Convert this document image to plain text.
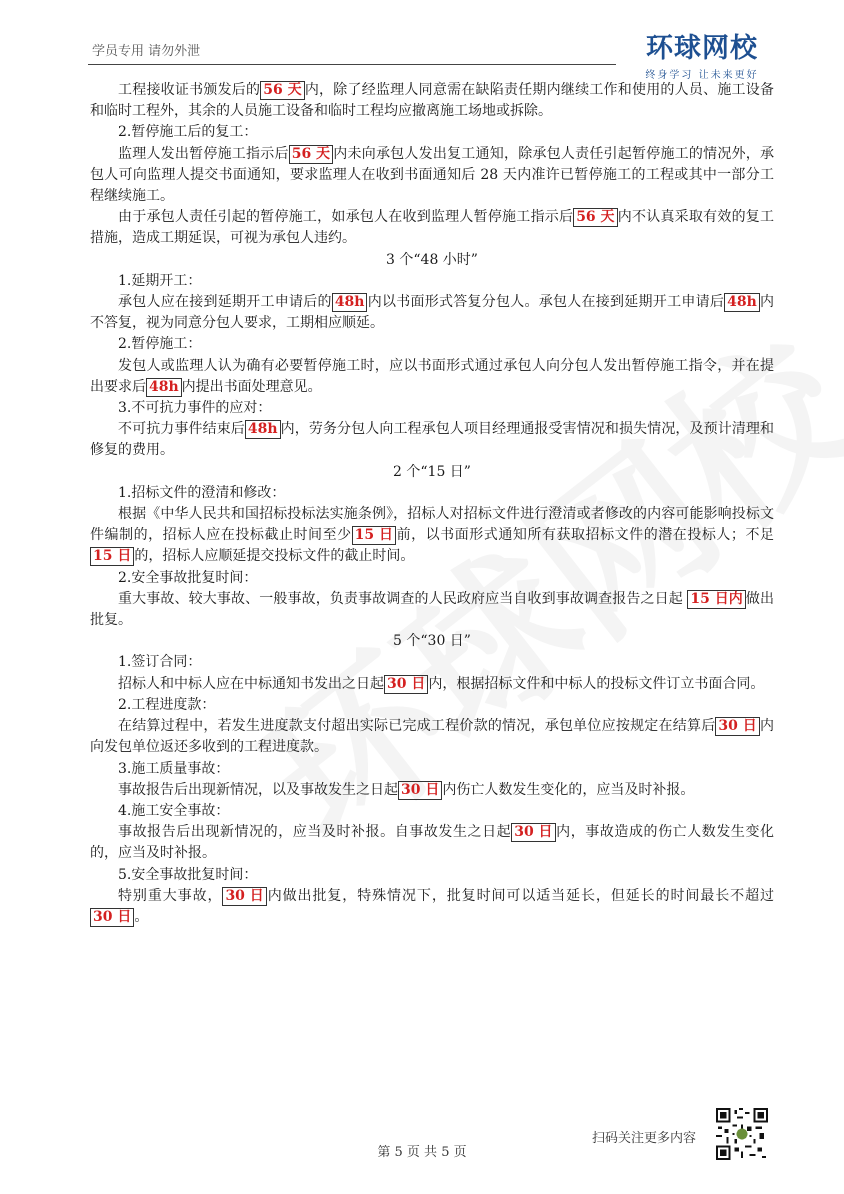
学员专用 请勿外泄	环球网校
终身学习 让未来更好

工程接收证书颁发后的 56 天 内，除了经监理人同意需在缺陷责任期内继续工作和使用的人员、施工设备和临时工程外，其余的人员施工设备和临时工程均应撤离施工场地或拆除。

2.暂停施工后的复工：

监理人发出暂停施工指示后 56 天 内未向承包人发出复工通知，除承包人责任引起暂停施工的情况外，承包人可向监理人提交书面通知，要求监理人在收到书面通知后 28 天内准许已暂停施工的工程或其中一部分工程继续施工。

由于承包人责任引起的暂停施工，如承包人在收到监理人暂停施工指示后 56 天 内不认真采取有效的复工措施，造成工期延误，可视为承包人违约。

3 个“48 小时”

1.延期开工：

承包人应在接到延期开工申请后的 48h 内以书面形式答复分包人。承包人在接到延期开工申请后 48h 内不答复，视为同意分包人要求，工期相应顺延。

2.暂停施工：

发包人或监理人认为确有必要暂停施工时，应以书面形式通过承包人向分包人发出暂停施工指令，并在提出要求后 48h 内提出书面处理意见。

3.不可抗力事件的应对：

不可抗力事件结束后 48h 内，劳务分包人向工程承包人项目经理通报受害情况和损失情况，及预计清理和修复的费用。

2 个“15 日”

1.招标文件的澄清和修改：

根据《中华人民共和国招标投标法实施条例》，招标人对招标文件进行澄清或者修改的内容可能影响投标文件编制的，招标人应在投标截止时间至少 15 日 前，以书面形式通知所有获取招标文件的潜在投标人；不足15 日 的，招标人应顺延提交投标文件的截止时间。

2.安全事故批复时间：

重大事故、较大事故、一般事故，负责事故调查的人民政府应当自收到事故调查报告之日起 15 日内 做出批复。

5 个“30 日”

1.签订合同：

招标人和中标人应在中标通知书发出之日起 30 日 内，根据招标文件和中标人的投标文件订立书面合同。

2.工程进度款：

在结算过程中，若发生进度款支付超出实际已完成工程价款的情况，承包单位应按规定在结算后 30 日 内向发包单位返还多收到的工程进度款。

3.施工质量事故：

事故报告后出现新情况，以及事故发生之日起 30 日 内伤亡人数发生变化的，应当及时补报。

4.施工安全事故：

事故报告后出现新情况的，应当及时补报。自事故发生之日起 30 日 内，事故造成的伤亡人数发生变化的，应当及时补报。

5.安全事故批复时间：

特别重大事故， 30 日 内做出批复，特殊情况下，批复时间可以适当延长，但延长的时间最长不超过30 日 。

第 5 页 共 5 页
扫码关注更多内容
